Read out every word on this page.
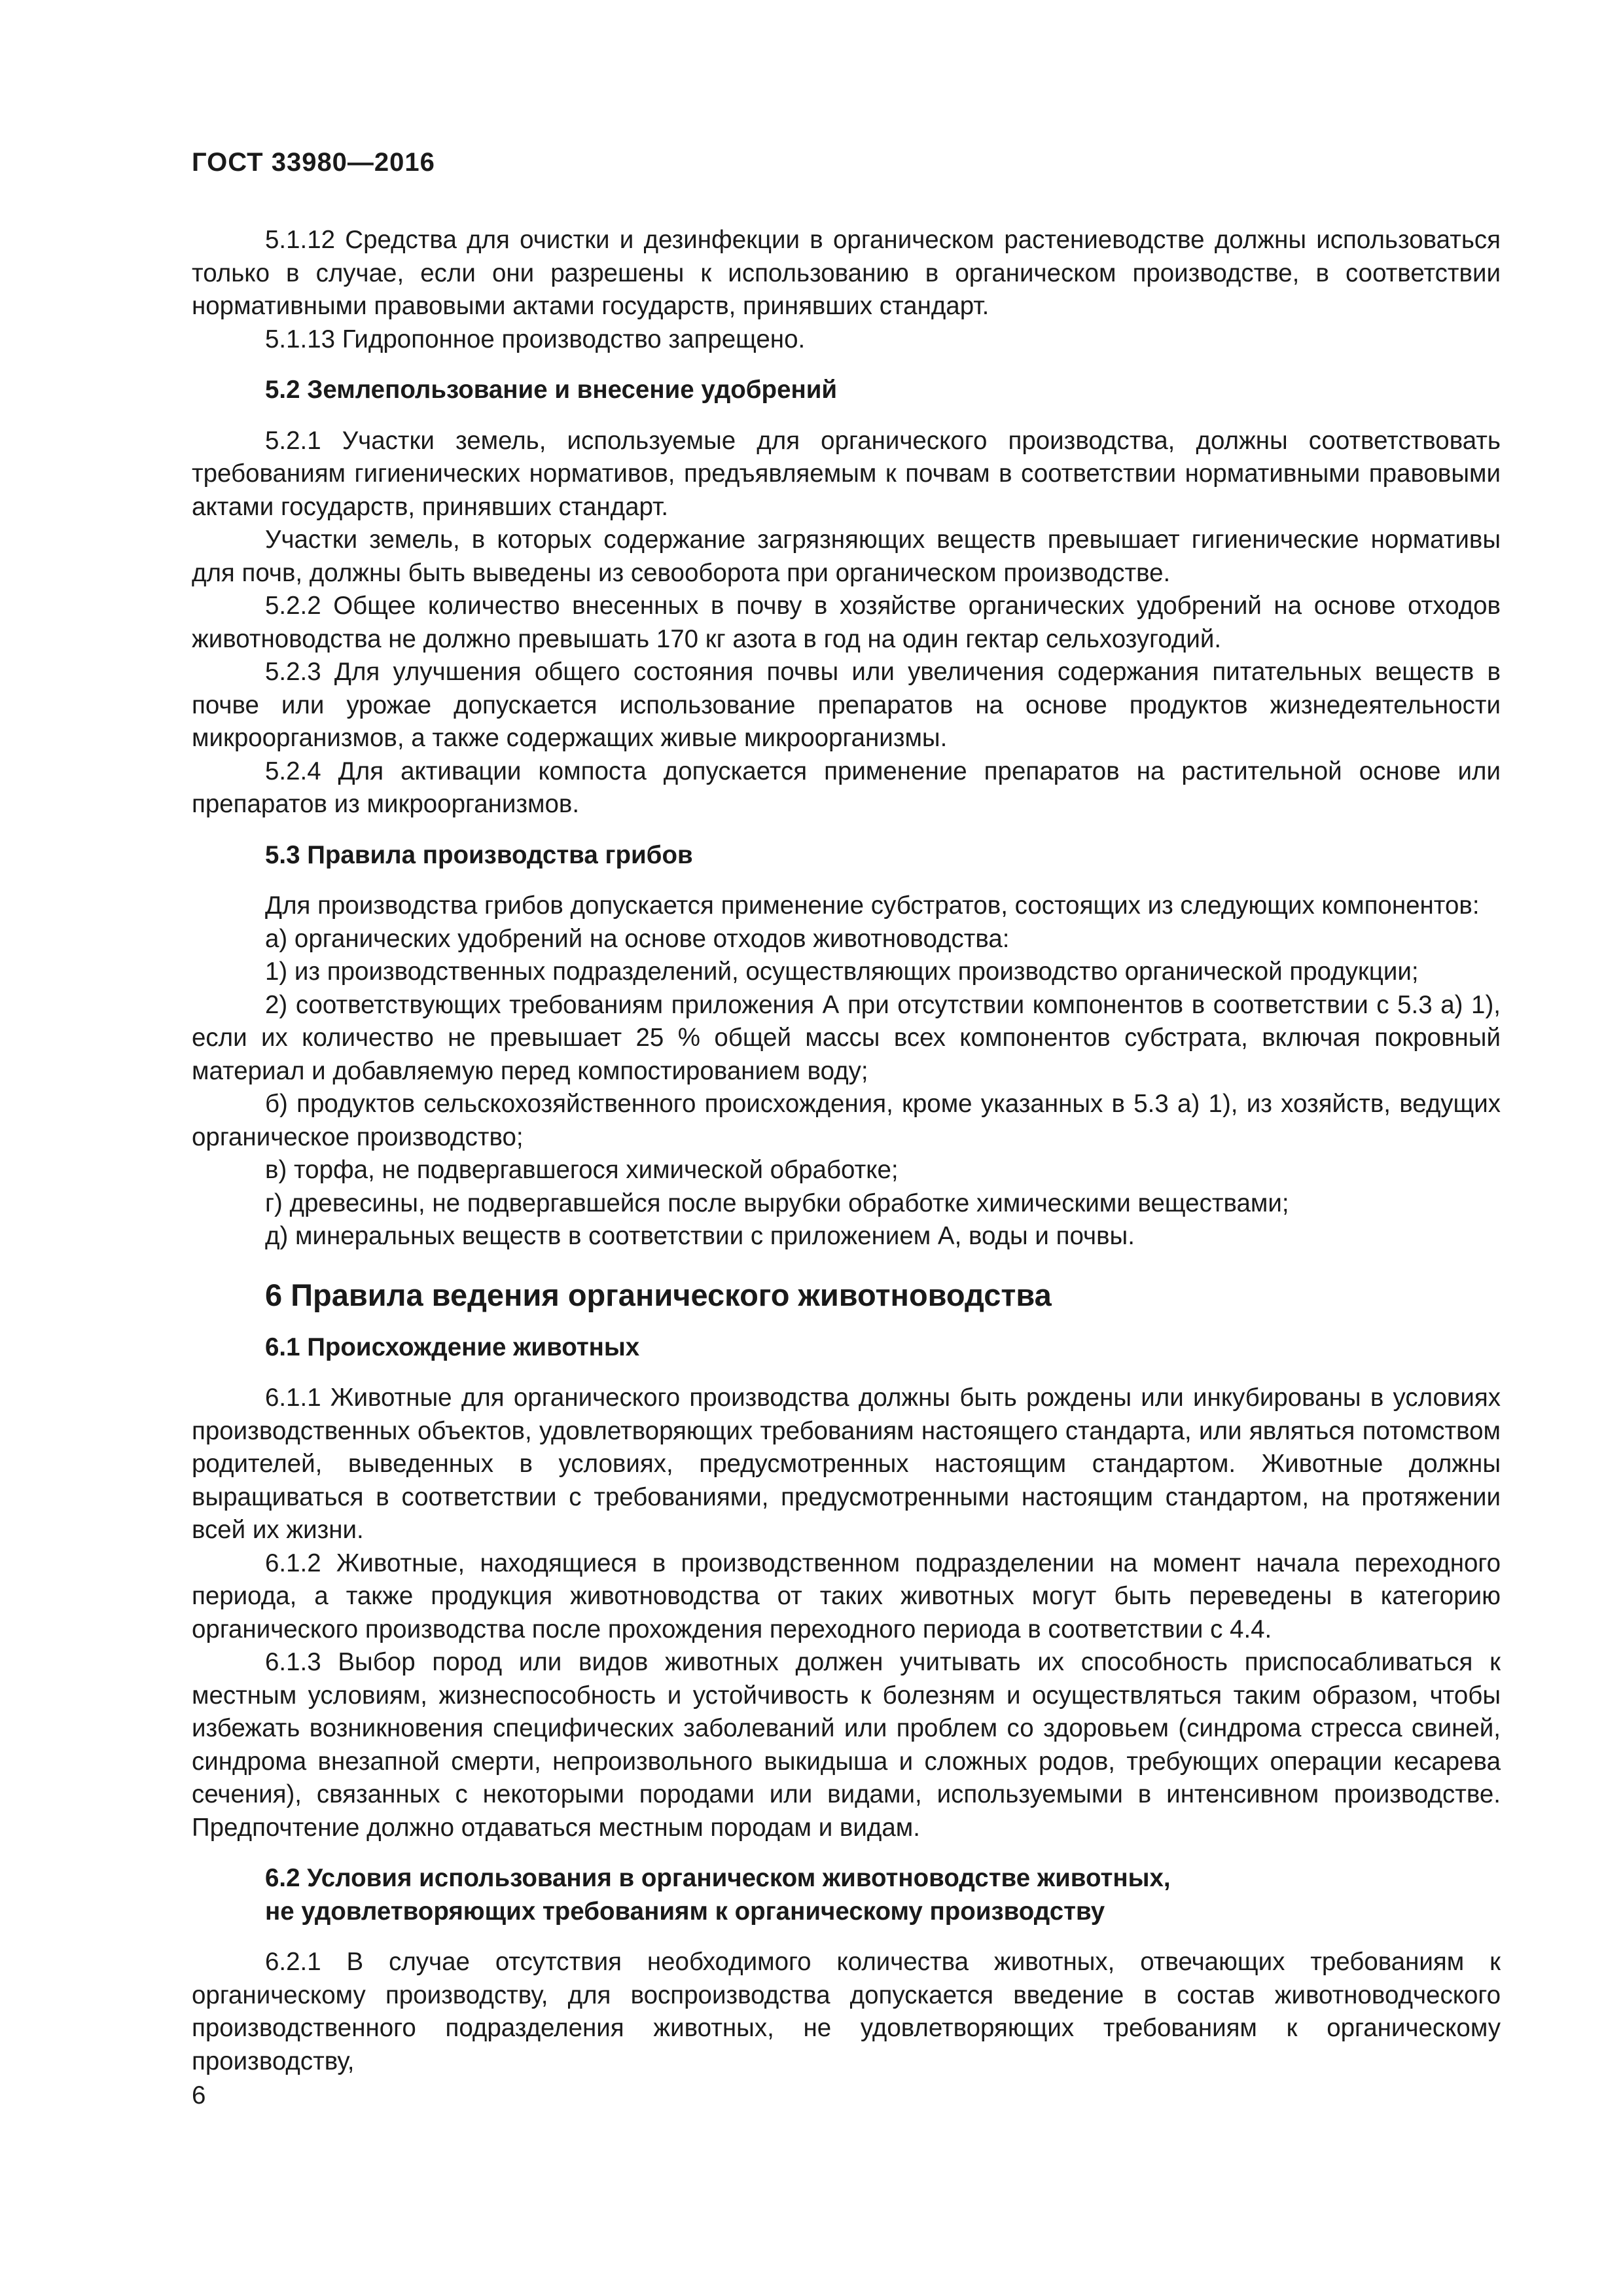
ГОСТ 33980—2016

5.1.12 Средства для очистки и дезинфекции в органическом растениеводстве должны использоваться только в случае, если они разрешены к использованию в органическом производстве, в соответствии нормативными правовыми актами государств, принявших стандарт.

5.1.13 Гидропонное производство запрещено.

5.2 Землепользование и внесение удобрений

5.2.1 Участки земель, используемые для органического производства, должны соответствовать требованиям гигиенических нормативов, предъявляемым к почвам в соответствии нормативными правовыми актами государств, принявших стандарт.

Участки земель, в которых содержание загрязняющих веществ превышает гигиенические нормативы для почв, должны быть выведены из севооборота при органическом производстве.

5.2.2 Общее количество внесенных в почву в хозяйстве органических удобрений на основе отходов животноводства не должно превышать 170 кг азота в год на один гектар сельхозугодий.

5.2.3 Для улучшения общего состояния почвы или увеличения содержания питательных веществ в почве или урожае допускается использование препаратов на основе продуктов жизнедеятельности микроорганизмов, а также содержащих живые микроорганизмы.

5.2.4 Для активации компоста допускается применение препаратов на растительной основе или препаратов из микроорганизмов.

5.3 Правила производства грибов

Для производства грибов допускается применение субстратов, состоящих из следующих компонентов:

а) органических удобрений на основе отходов животноводства:

1) из производственных подразделений, осуществляющих производство органической продукции;

2) соответствующих требованиям приложения А при отсутствии компонентов в соответствии с 5.3 а) 1), если их количество не превышает 25 % общей массы всех компонентов субстрата, включая покровный материал и добавляемую перед компостированием воду;

б) продуктов сельскохозяйственного происхождения, кроме указанных в 5.3 а) 1), из хозяйств, ведущих органическое производство;

в) торфа, не подвергавшегося химической обработке;

г) древесины, не подвергавшейся после вырубки обработке химическими веществами;

д) минеральных веществ в соответствии с приложением А, воды и почвы.

6 Правила ведения органического животноводства
6.1 Происхождение животных

6.1.1 Животные для органического производства должны быть рождены или инкубированы в условиях производственных объектов, удовлетворяющих требованиям настоящего стандарта, или являться потомством родителей, выведенных в условиях, предусмотренных настоящим стандартом. Животные должны выращиваться в соответствии с требованиями, предусмотренными настоящим стандартом, на протяжении всей их жизни.

6.1.2 Животные, находящиеся в производственном подразделении на момент начала переходного периода, а также продукция животноводства от таких животных могут быть переведены в категорию органического производства после прохождения переходного периода в соответствии с 4.4.

6.1.3 Выбор пород или видов животных должен учитывать их способность приспосабливаться к местным условиям, жизнеспособность и устойчивость к болезням и осуществляться таким образом, чтобы избежать возникновения специфических заболеваний или проблем со здоровьем (синдрома стресса свиней, синдрома внезапной смерти, непроизвольного выкидыша и сложных родов, требующих операции кесарева сечения), связанных с некоторыми породами или видами, используемыми в интенсивном производстве. Предпочтение должно отдаваться местным породам и видам.

6.2 Условия использования в органическом животноводстве животных,
не удовлетворяющих требованиям к органическому производству

6.2.1 В случае отсутствия необходимого количества животных, отвечающих требованиям к органическому производству, для воспроизводства допускается введение в состав животноводческого производственного подразделения животных, не удовлетворяющих требованиям к органическому производству,

6
